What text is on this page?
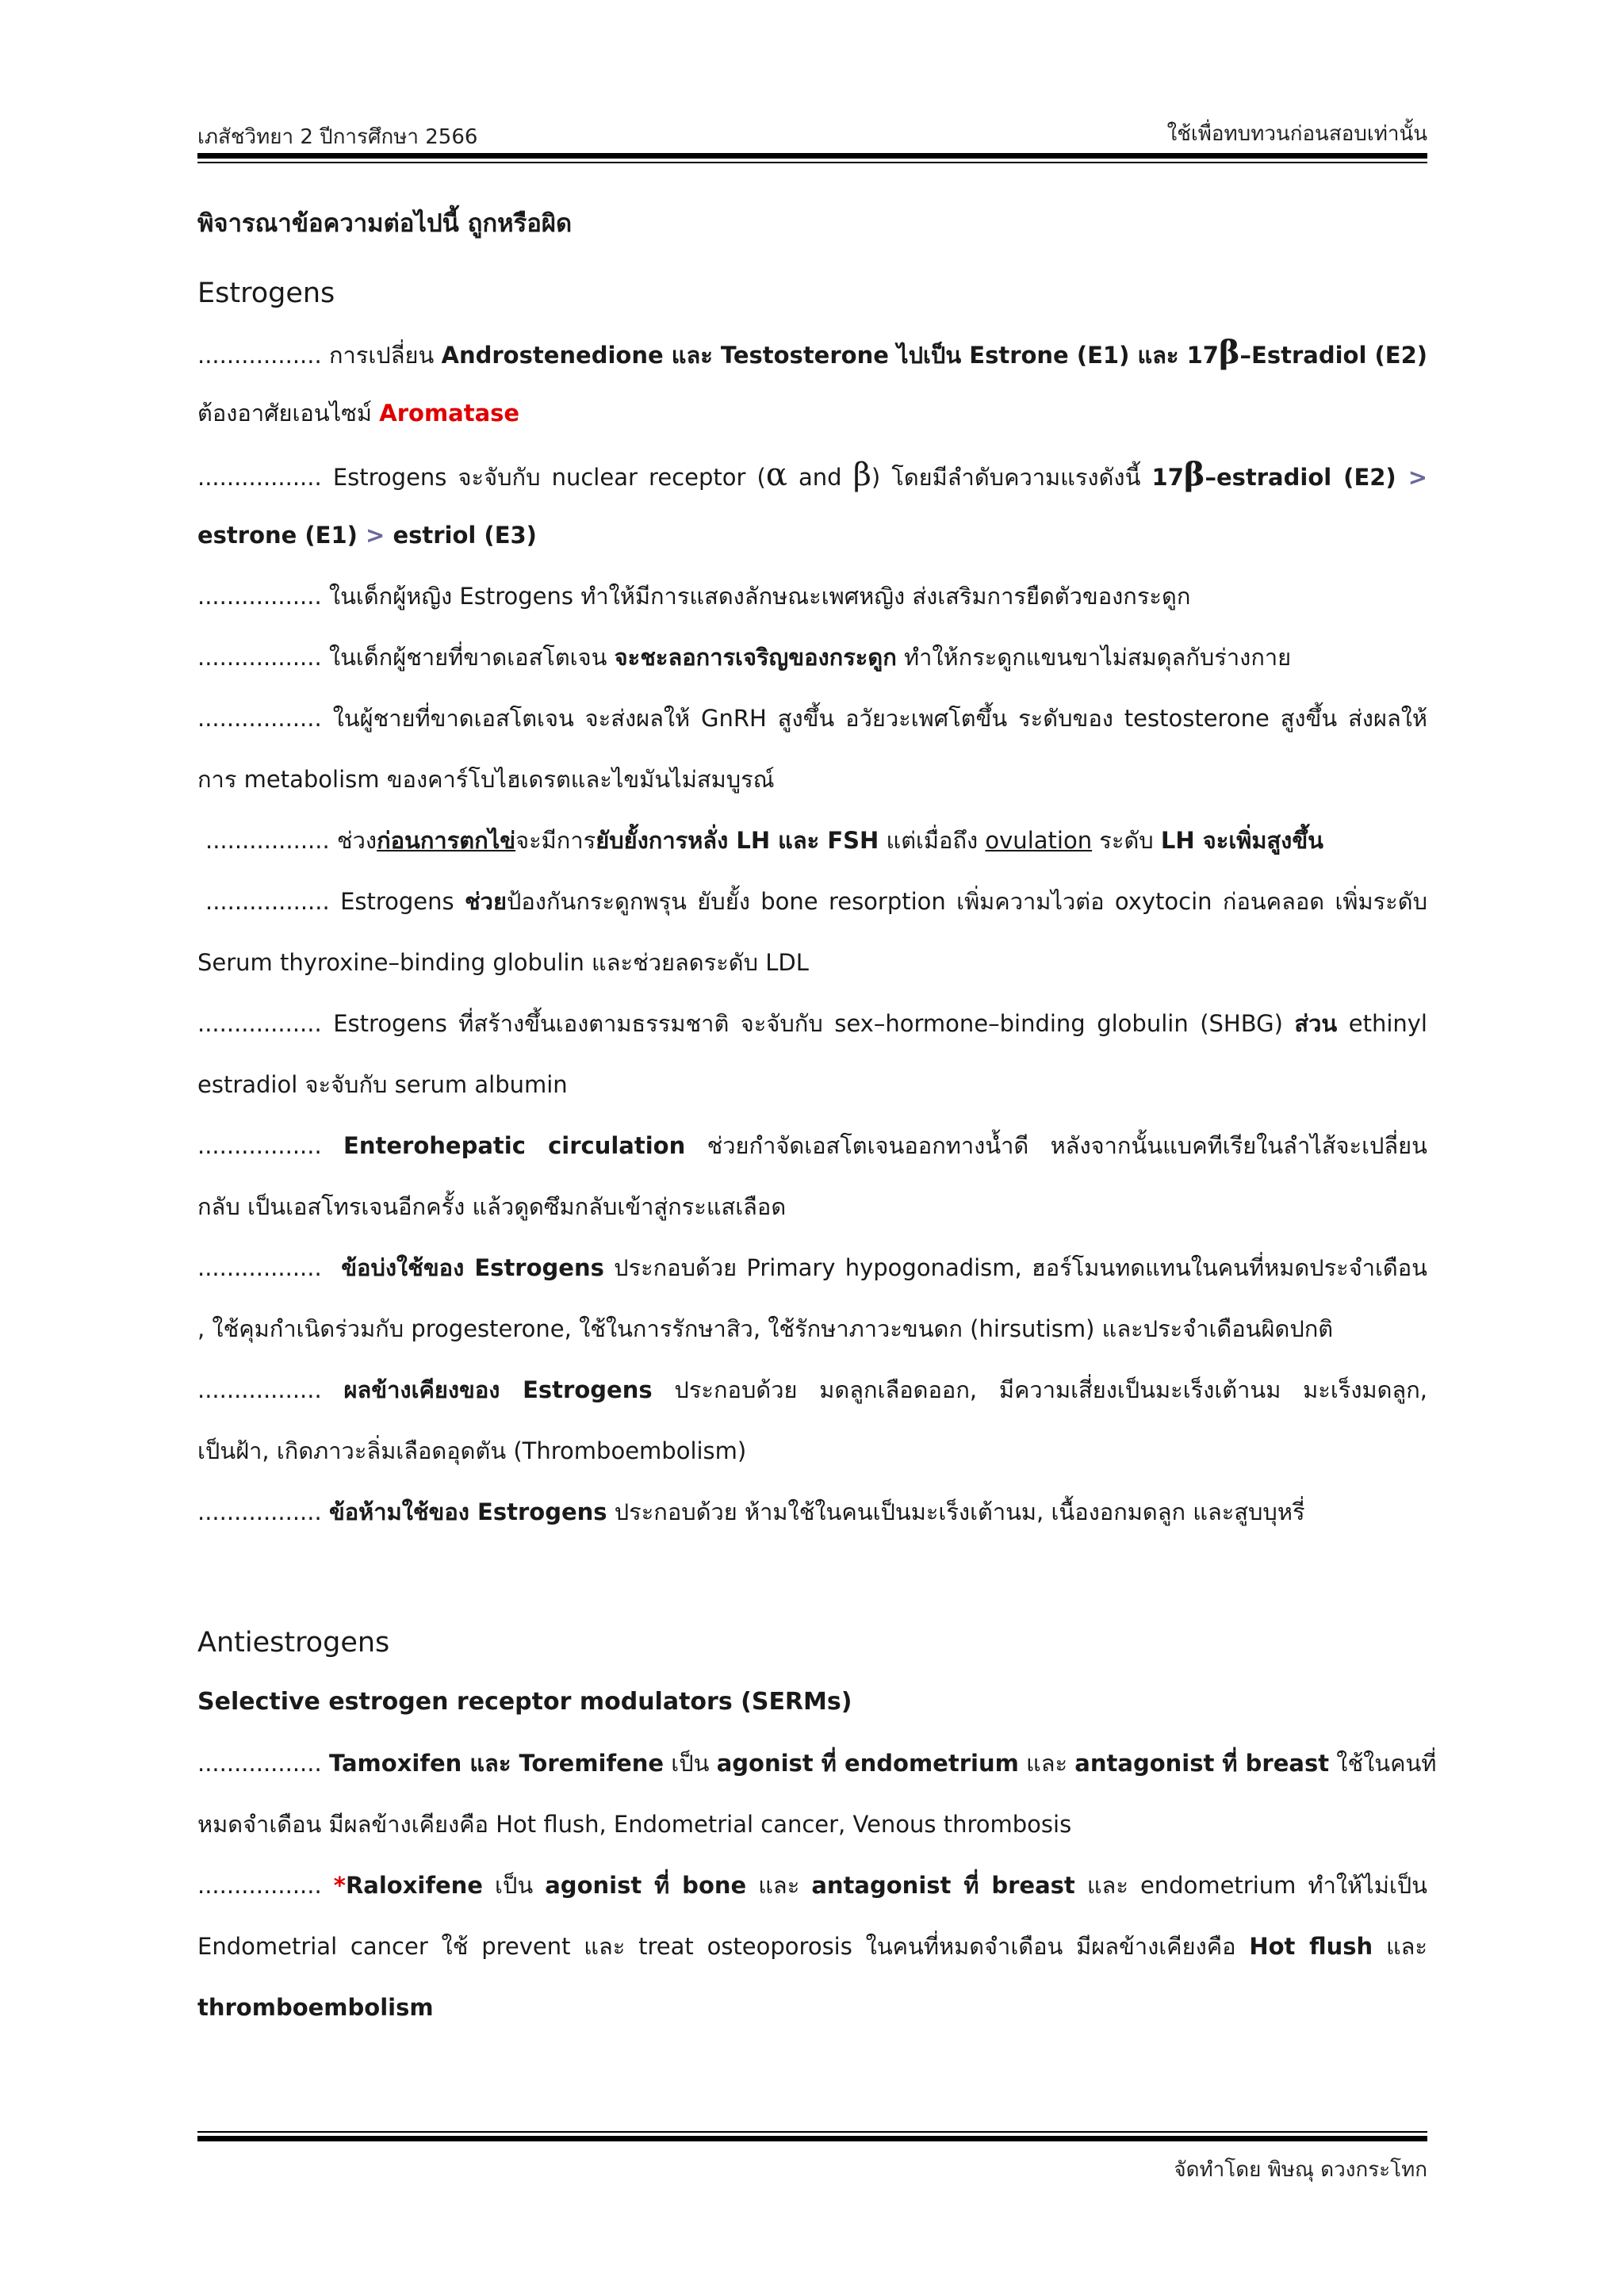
เภสัชวิทยา 2 ปีการศึกษา 2566	ใช้เพื่อทบทวนก่อนสอบเท่านั้น
พิจารณาข้อความต่อไปนี้ ถูกหรือผิด
Estrogens
................. การเปลี่ยน Androstenedione และ Testosterone ไปเป็น Estrone (E1) และ 17β–Estradiol (E2)
ต้องอาศัยเอนไซม์ Aromatase
................. Estrogens จะจับกับ nuclear receptor (α and β) โดยมีลำดับความแรงดังนี้ 17β–estradiol (E2) >
estrone (E1) > estriol (E3)
................. ในเด็กผู้หญิง Estrogens ทำให้มีการแสดงลักษณะเพศหญิง ส่งเสริมการยืดตัวของกระดูก
................. ในเด็กผู้ชายที่ขาดเอสโตเจน จะชะลอการเจริญของกระดูก ทำให้กระดูกแขนขาไม่สมดุลกับร่างกาย
................. ในผู้ชายที่ขาดเอสโตเจน จะส่งผลให้ GnRH สูงขึ้น อวัยวะเพศโตขึ้น ระดับของ testosterone สูงขึ้น ส่งผลให้
การ metabolism ของคาร์โบไฮเดรตและไขมันไม่สมบูรณ์
................. ช่วงก่อนการตกไข่จะมีการยับยั้งการหลั่ง LH และ FSH แต่เมื่อถึง ovulation ระดับ LH จะเพิ่มสูงขึ้น
................. Estrogens ช่วยป้องกันกระดูกพรุน ยับยั้ง bone resorption เพิ่มความไวต่อ oxytocin ก่อนคลอด เพิ่มระดับ
Serum thyroxine–binding globulin และช่วยลดระดับ LDL
................. Estrogens ที่สร้างขึ้นเองตามธรรมชาติ จะจับกับ sex–hormone–binding globulin (SHBG) ส่วน ethinyl
estradiol จะจับกับ serum albumin
................. Enterohepatic circulation ช่วยกำจัดเอสโตเจนออกทางน้ำดี หลังจากนั้นแบคทีเรียในลำไส้จะเปลี่ยน
กลับ เป็นเอสโทรเจนอีกครั้ง แล้วดูดซึมกลับเข้าสู่กระแสเลือด
................. ข้อบ่งใช้ของ Estrogens ประกอบด้วย Primary hypogonadism, ฮอร์โมนทดแทนในคนที่หมดประจำเดือน
, ใช้คุมกำเนิดร่วมกับ progesterone, ใช้ในการรักษาสิว, ใช้รักษาภาวะขนดก (hirsutism) และประจำเดือนผิดปกติ
................. ผลข้างเคียงของ Estrogens ประกอบด้วย มดลูกเลือดออก, มีความเสี่ยงเป็นมะเร็งเต้านม มะเร็งมดลูก,
เป็นฝ้า, เกิดภาวะลิ่มเลือดอุดตัน (Thromboembolism)
................. ข้อห้ามใช้ของ Estrogens ประกอบด้วย ห้ามใช้ในคนเป็นมะเร็งเต้านม, เนื้องอกมดลูก และสูบบุหรี่
Antiestrogens
Selective estrogen receptor modulators (SERMs)
................. Tamoxifen และ Toremifene เป็น agonist ที่ endometrium และ antagonist ที่ breast ใช้ในคนที่
หมดจำเดือน มีผลข้างเคียงคือ Hot flush, Endometrial cancer, Venous thrombosis
................. *Raloxifene เป็น agonist ที่ bone และ antagonist ที่ breast และ endometrium ทำให้ไม่เป็น
Endometrial cancer ใช้ prevent และ treat osteoporosis ในคนที่หมดจำเดือน มีผลข้างเคียงคือ Hot flush และ
thromboembolism
จัดทำโดย พิษณุ ดวงกระโทก
